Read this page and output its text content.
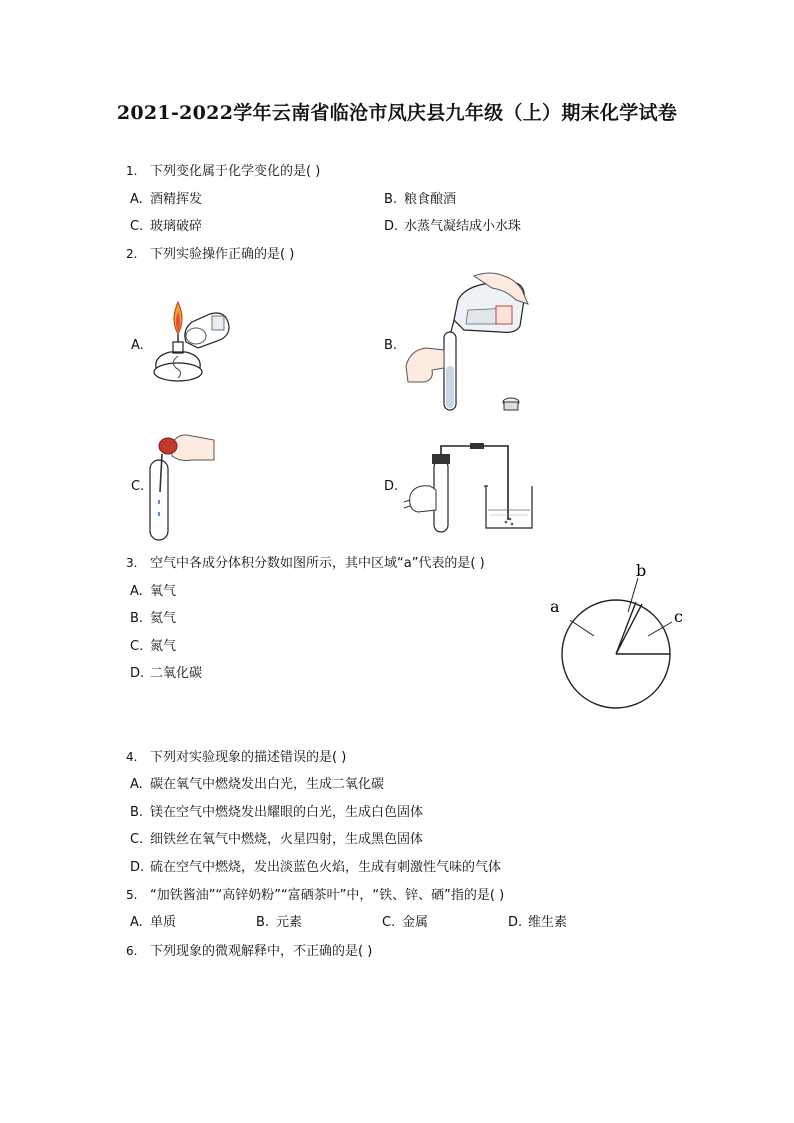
2021-2022学年云南省临沧市凤庆县九年级（上）期末化学试卷
1. 下列变化属于化学变化的是( )
A. 酒精挥发	B. 粮食酿酒
C. 玻璃破碎	D. 水蒸气凝结成小水珠
2. 下列实验操作正确的是( )
A.	B.
C.	D.
3. 空气中各成分体积分数如图所示，其中区域“a”代表的是( )
A. 氧气
B. 氦气
C. 氮气
D. 二氧化碳
a
b
c
4. 下列对实验现象的描述错误的是( )
A. 碳在氧气中燃烧发出白光，生成二氧化碳
B. 镁在空气中燃烧发出耀眼的白光，生成白色固体
C. 细铁丝在氧气中燃烧，火星四射，生成黑色固体
D. 硫在空气中燃烧，发出淡蓝色火焰，生成有刺激性气味的气体
5. “加铁酱油”“高锌奶粉”“富硒茶叶”中，“铁、锌、硒”指的是( )
A. 单质	B. 元素	C. 金属	D. 维生素
6. 下列现象的微观解释中，不正确的是( )
